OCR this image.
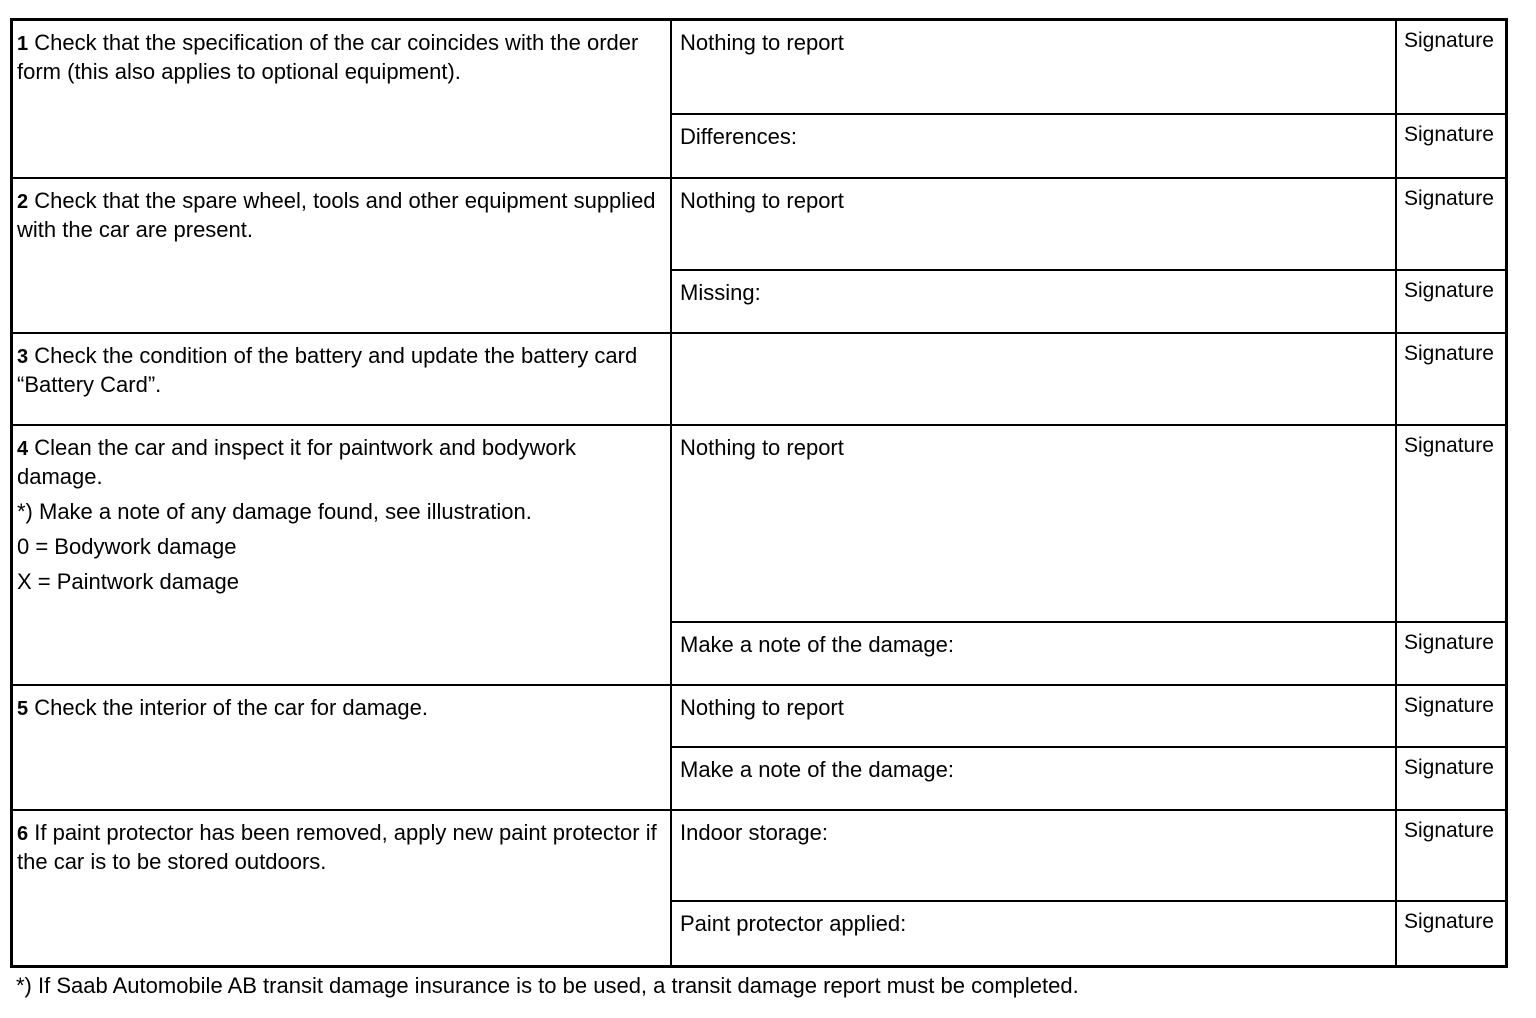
1 Check that the specification of the car coincides with the order form (this also applies to optional equipment).
Nothing to report	Signature
Differences:	Signature
2 Check that the spare wheel, tools and other equipment supplied with the car are present.
Nothing to report	Signature
Missing:	Signature
3 Check the condition of the battery and update the battery card “Battery Card”.
Signature
4 Clean the car and inspect it for paintwork and bodywork damage.

*) Make a note of any damage found, see illustration.

0 = Bodywork damage

X = Paintwork damage

Nothing to report	Signature
Make a note of the damage:	Signature
5 Check the interior of the car for damage.	Nothing to report	Signature
Make a note of the damage:	Signature
6 If paint protector has been removed, apply new paint protector if the car is to be stored outdoors.
Indoor storage:	Signature
Paint protector applied:	Signature
*) If Saab Automobile AB transit damage insurance is to be used, a transit damage report must be completed.
